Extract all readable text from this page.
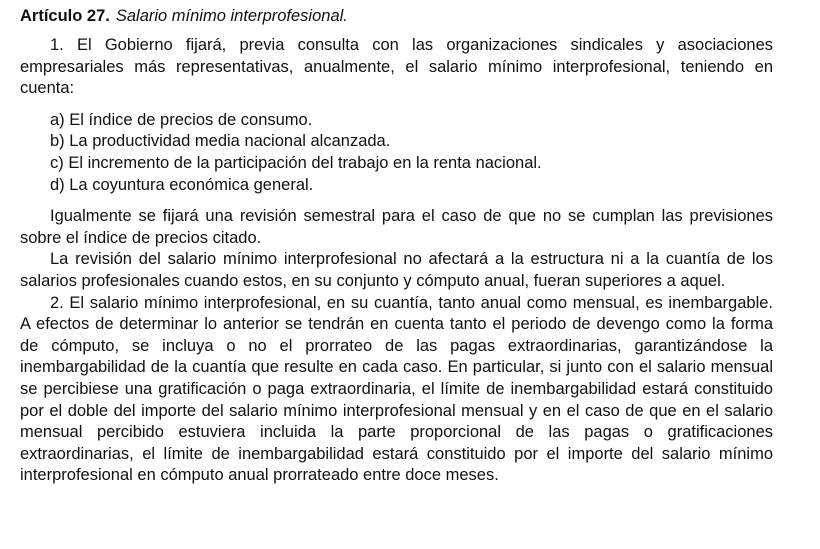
Artículo 27. Salario mínimo interprofesional.

1. El Gobierno fijará, previa consulta con las organizaciones sindicales y asociaciones empresariales más representativas, anualmente, el salario mínimo interprofesional, teniendo en cuenta:

a) El índice de precios de consumo.
b) La productividad media nacional alcanzada.
c) El incremento de la participación del trabajo en la renta nacional.
d) La coyuntura económica general.

Igualmente se fijará una revisión semestral para el caso de que no se cumplan las previsiones sobre el índice de precios citado.

La revisión del salario mínimo interprofesional no afectará a la estructura ni a la cuantía de los salarios profesionales cuando estos, en su conjunto y cómputo anual, fueran superiores a aquel.

2. El salario mínimo interprofesional, en su cuantía, tanto anual como mensual, es inembargable. A efectos de determinar lo anterior se tendrán en cuenta tanto el periodo de devengo como la forma de cómputo, se incluya o no el prorrateo de las pagas extraordinarias, garantizándose la inembargabilidad de la cuantía que resulte en cada caso. En particular, si junto con el salario mensual se percibiese una gratificación o paga extraordinaria, el límite de inembargabilidad estará constituido por el doble del importe del salario mínimo interprofesional mensual y en el caso de que en el salario mensual percibido estuviera incluida la parte proporcional de las pagas o gratificaciones extraordinarias, el límite de inembargabilidad estará constituido por el importe del salario mínimo interprofesional en cómputo anual prorrateado entre doce meses.
